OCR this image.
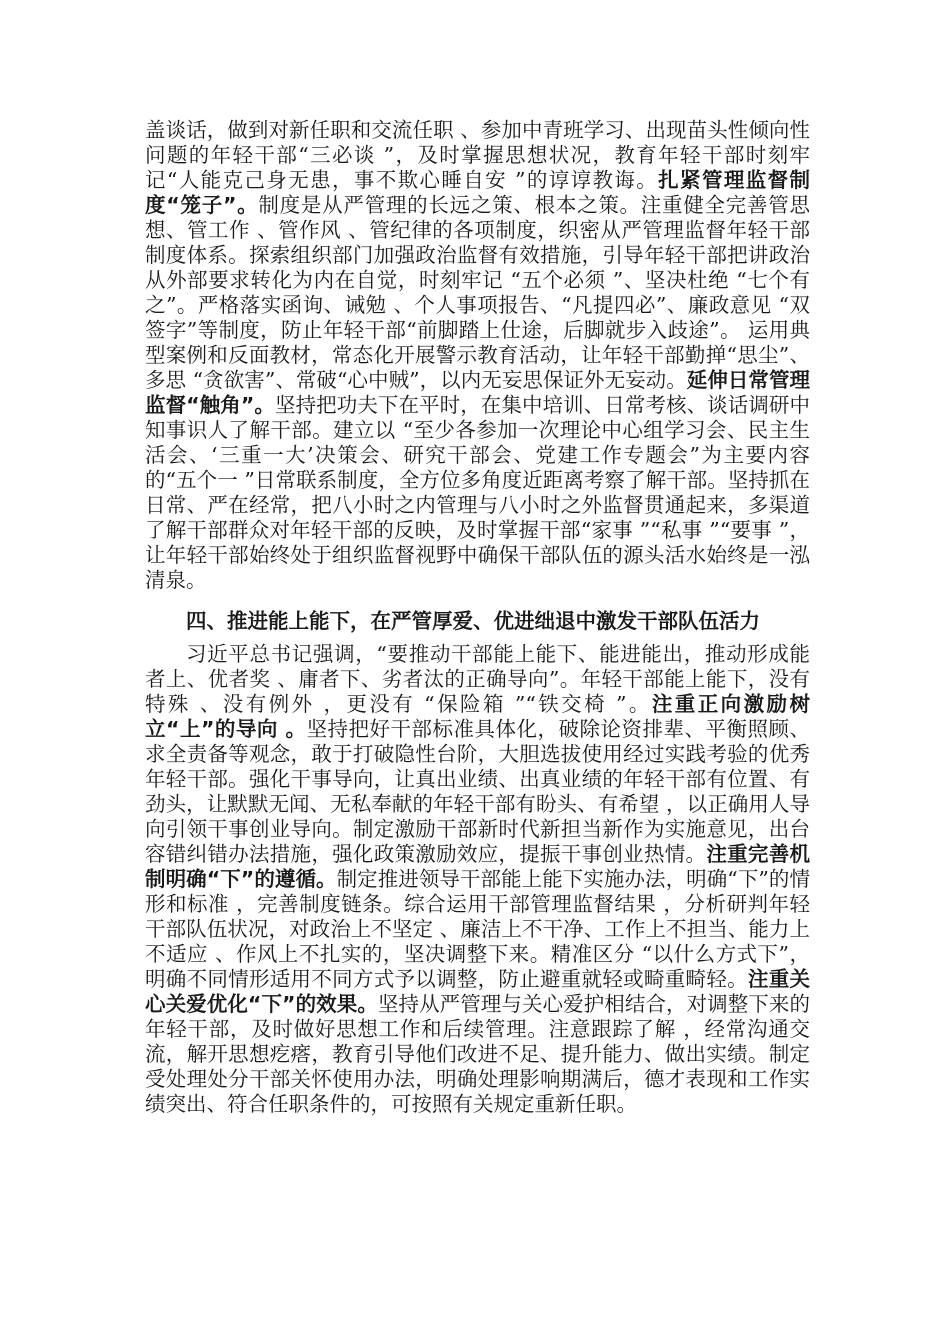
盖谈话，做到对新任职和交流任职 、参加中青班学习、出现苗头性倾向性问题的年轻干部“三必谈 ”，及时掌握思想状况，教育年轻干部时刻牢记“人能克己身无患，事不欺心睡自安 ”的谆谆教诲。扎紧管理监督制度“笼子”。制度是从严管理的长远之策、根本之策。注重健全完善管思想、管工作 、管作风 、管纪律的各项制度，织密从严管理监督年轻干部制度体系。探索组织部门加强政治监督有效措施，引导年轻干部把讲政治从外部要求转化为内在自觉，时刻牢记 “五个必须 ”、坚决杜绝 “七个有之”。严格落实函询、诫勉 、个人事项报告、“凡提四必”、廉政意见 “双签字”等制度，防止年轻干部“前脚踏上仕途，后脚就步入歧途”。 运用典型案例和反面教材，常态化开展警示教育活动，让年轻干部勤掸“思尘”、多思 “贪欲害”、常破“心中贼”，以内无妄思保证外无妄动。延伸日常管理监督“触角”。坚持把功夫下在平时，在集中培训、日常考核、谈话调研中知事识人了解干部。建立以 “至少各参加一次理论中心组学习会、民主生活会、‘三重一大’决策会、研究干部会、党建工作专题会”为主要内容的“五个一 ”日常联系制度，全方位多角度近距离考察了解干部。坚持抓在日常、严在经常，把八小时之内管理与八小时之外监督贯通起来，多渠道了解干部群众对年轻干部的反映，及时掌握干部“家事 ”“私事 ”“要事 ”，让年轻干部始终处于组织监督视野中确保干部队伍的源头活水始终是一泓清泉。

四、推进能上能下，在严管厚爱、优进绌退中激发干部队伍活力

习近平总书记强调，“要推动干部能上能下、能进能出，推动形成能者上、优者奖 、庸者下、劣者汰的正确导向”。年轻干部能上能下，没有特殊 、没有例外 ，更没有 “保险箱 ”“铁交椅 ”。注重正向激励树立“上”的导向 。坚持把好干部标准具体化，破除论资排辈、平衡照顾、求全责备等观念，敢于打破隐性台阶，大胆选拔使用经过实践考验的优秀年轻干部。强化干事导向，让真出业绩、出真业绩的年轻干部有位置、有劲头，让默默无闻、无私奉献的年轻干部有盼头、有希望 ，以正确用人导向引领干事创业导向。制定激励干部新时代新担当新作为实施意见，出台容错纠错办法措施，强化政策激励效应，提振干事创业热情。注重完善机制明确“下”的遵循。制定推进领导干部能上能下实施办法，明确“下”的情形和标准 ，完善制度链条。综合运用干部管理监督结果 ，分析研判年轻干部队伍状况，对政治上不坚定 、廉洁上不干净、工作上不担当、能力上不适应 、作风上不扎实的，坚决调整下来。精准区分 “以什么方式下”，明确不同情形适用不同方式予以调整，防止避重就轻或畸重畸轻。注重关心关爱优化“下”的效果。坚持从严管理与关心爱护相结合，对调整下来的年轻干部，及时做好思想工作和后续管理。注意跟踪了解 ，经常沟通交流，解开思想疙瘩，教育引导他们改进不足、提升能力、做出实绩。制定受处理处分干部关怀使用办法，明确处理影响期满后，德才表现和工作实绩突出、符合任职条件的，可按照有关规定重新任职。
